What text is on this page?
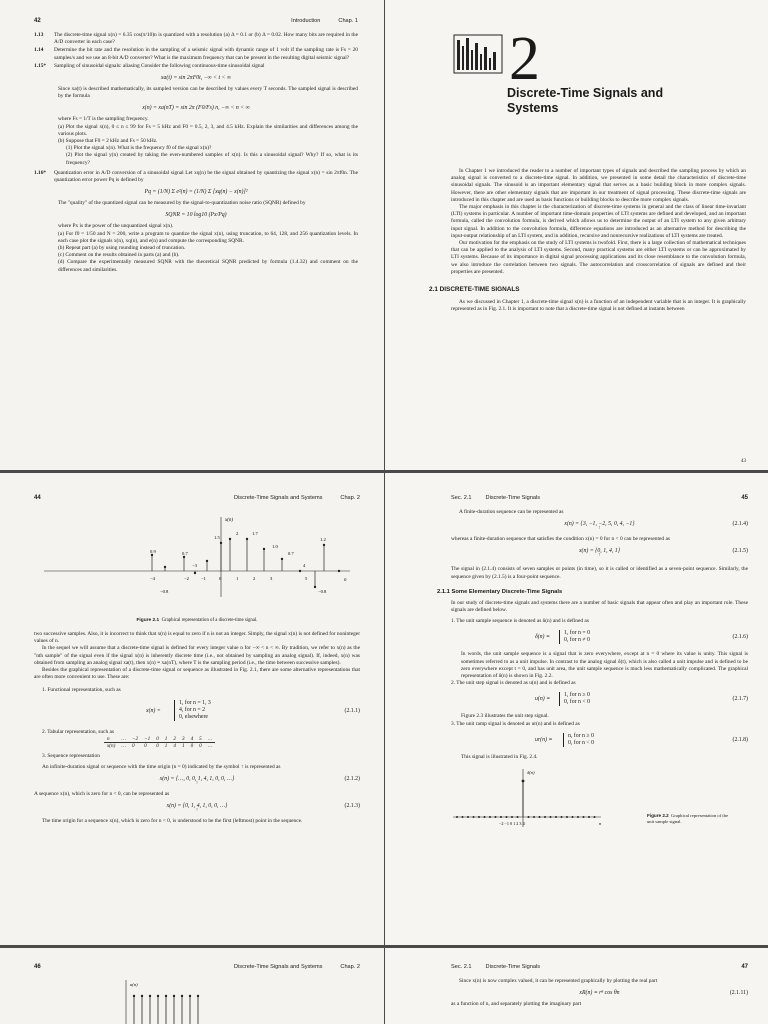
42	Introduction	Chap. 1
1.13	The discrete-time signal x(n) = 6.35 cos(π/10)n is quantized with a resolution (a) Δ = 0.1 or (b) Δ = 0.02. How many bits are required in the A/D converter in each case?
1.14	Determine the bit rate and the resolution in the sampling of a seismic signal with dynamic range of 1 volt if the sampling rate is Fs = 20 samples/s and we use an 8-bit A/D converter? What is the maximum frequency that can be present in the resulting digital seismic signal?
1.15*	Sampling of sinusoidal signals: aliasing Consider the following continuous-time sinusoidal signal
xa(t) = sin 2πF0t, −∞ < t < ∞

Since xa(t) is described mathematically, its sampled version can be described by values every T seconds. The sampled signal is described by the formula

x(n) = xa(nT) = sin 2π (F0/Fs) n, −∞ < n < ∞

where Fs = 1/T is the sampling frequency.

(a) Plot the signal x(n), 0 ≤ n ≤ 99 for Fs = 5 kHz and F0 = 0.5, 2, 3, and 4.5 kHz. Explain the similarities and differences among the various plots.

(b) Suppose that F0 = 2 kHz and Fs = 50 kHz.

(1) Plot the signal x(n). What is the frequency f0 of the signal x(n)?

(2) Plot the signal y(n) created by taking the even-numbered samples of x(n). Is this a sinusoidal signal? Why? If so, what is its frequency?

1.16*	Quantization error in A/D conversion of a sinusoidal signal Let xq(n) be the signal obtained by quantizing the signal x(n) = sin 2πf0n. The quantization error power Pq is defined by
Pq = (1/N) Σ e²(n) = (1/N) Σ [xq(n) − x(n)]²

The "quality" of the quantized signal can be measured by the signal-to-quantization noise ratio (SQNR) defined by

SQNR = 10 log10 (Px/Pq)

where Px is the power of the unquantized signal x(n).

(a) For f0 = 1/50 and N = 200, write a program to quantize the signal x(n), using truncation, to 64, 128, and 256 quantization levels. In each case plot the signals x(n), xq(n), and e(n) and compute the corresponding SQNR.

(b) Repeat part (a) by using rounding instead of truncation.

(c) Comment on the results obtained in parts (a) and (b).

(d) Compare the experimentally measured SQNR with the theoretical SQNR predicted by formula (1.4.32) and comment on the differences and similarities.

2
Discrete-Time Signals and
Systems

In Chapter 1 we introduced the reader to a number of important types of signals and described the sampling process by which an analog signal is converted to a discrete-time signal. In addition, we presented in some detail the characteristics of discrete-time sinusoidal signals. The sinusoid is an important elementary signal that serves as a basic building block in more complex signals. However, there are other elementary signals that are important in our treatment of signal processing. These discrete-time signals are introduced in this chapter and are used as basis functions or building blocks to describe more complex signals.

The major emphasis in this chapter is the characterization of discrete-time systems in general and the class of linear time-invariant (LTI) systems in particular. A number of important time-domain properties of LTI systems are defined and developed, and an important formula, called the convolution formula, is derived which allows us to determine the output of an LTI system to any given arbitrary input signal. In addition to the convolution formula, difference equations are introduced as an alternative method for describing the input-output relationship of an LTI system, and in addition, recursive and nonrecursive realizations of LTI systems are treated.

Our motivation for the emphasis on the study of LTI systems is twofold. First, there is a large collection of mathematical techniques that can be applied to the analysis of LTI systems. Second, many practical systems are either LTI systems or can be approximated by LTI systems. Because of its importance in digital signal processing applications and its close resemblance to the convolution formula, we also introduce the correlation between two signals. The autocorrelation and crosscorrelation of signals are defined and their properties are presented.

2.1 DISCRETE-TIME SIGNALS

As we discussed in Chapter 1, a discrete-time signal x(n) is a function of an independent variable that is an integer. It is graphically represented as in Fig. 2.1. It is important to note that a discrete-time signal is not defined at instants between

43
44	Discrete-Time Signals and Systems	Chap. 2
x(n)
n
0.9	0.7
−3
1.5
2	1.7
1.0
0.7
1.2
4
−0.8	−0.8
−4	−2	−1	0	1	2	3	5
Figure 2.1 Graphical representation of a discrete-time signal.

two successive samples. Also, it is incorrect to think that x(n) is equal to zero if n is not an integer. Simply, the signal x(n) is not defined for noninteger values of n.

In the sequel we will assume that a discrete-time signal is defined for every integer value n for −∞ < n < ∞. By tradition, we refer to x(n) as the "nth sample" of the signal even if the signal x(n) is inherently discrete time (i.e., not obtained by sampling an analog signal). If, indeed, x(n) was obtained from sampling an analog signal xa(t), then x(n) ≡ xa(nT), where T is the sampling period (i.e., the time between successive samples).

Besides the graphical representation of a discrete-time signal or sequence as illustrated in Fig. 2.1, there are some alternative representations that are often more convenient to use. These are:

1. Functional representation, such as

x(n) =
1, for n = 1, 3
4, for n = 2
0, elsewhere
(2.1.1)

2. Tabular representation, such as

n	…	−2	−1	0	1	2	3	4	5	…
x(n)	…	0	0	0	1	4	1	0	0	…

3. Sequence representation

An infinite-duration signal or sequence with the time origin (n = 0) indicated by the symbol ↑ is represented as

x(n) = {…, 0, 0, 1, 4, 1, 0, 0, …}	(2.1.2)
↑

A sequence x(n), which is zero for n < 0, can be represented as

x(n) = {0, 1, 4, 1, 0, 0, …}	(2.1.3)
↑

The time origin for a sequence x(n), which is zero for n < 0, is understood to be the first (leftmost) point in the sequence.

Sec. 2.1	Discrete-Time Signals	45

A finite-duration sequence can be represented as

x(n) = {3, −1, −2, 5, 0, 4, −1}	(2.1.4)
↑

whereas a finite-duration sequence that satisfies the condition x(n) = 0 for n < 0 can be represented as

x(n) = {0, 1, 4, 1}	(2.1.5)
↑

The signal in (2.1.4) consists of seven samples or points (in time), so it is called or identified as a seven-point sequence. Similarly, the sequence given by (2.1.5) is a four-point sequence.

2.1.1 Some Elementary Discrete-Time Signals

In our study of discrete-time signals and systems there are a number of basic signals that appear often and play an important role. These signals are defined below.

1. The unit sample sequence is denoted as δ(n) and is defined as

δ(n) ≡
1, for n = 0
0, for n ≠ 0	(2.1.6)

In words, the unit sample sequence is a signal that is zero everywhere, except at n = 0 where its value is unity. This signal is sometimes referred to as a unit impulse. In contrast to the analog signal δ(t), which is also called a unit impulse and is defined to be zero everywhere except t = 0, and has unit area, the unit sample sequence is much less mathematically complicated. The graphical representation of δ(n) is shown in Fig. 2.2.

2. The unit step signal is denoted as u(n) and is defined as

u(n) ≡
1, for n ≥ 0
0, for n < 0	(2.1.7)

Figure 2.3 illustrates the unit step signal.

3. The unit ramp signal is denoted as ur(n) and is defined as

ur(n) ≡
n, for n ≥ 0
0, for n < 0	(2.1.8)

This signal is illustrated in Fig. 2.4.

δ(n)
−2 −1 0 1 2 3 4	n
Figure 2.2 Graphical representation of the unit sample signal.
46	Discrete-Time Signals and Systems	Chap. 2
u(n)
Sec. 2.1	Discrete-Time Signals	47

Since x(n) is now complex valued, it can be represented graphically by plotting the real part

xR(n) ≡ rⁿ cos θn	(2.1.11)

as a function of n, and separately plotting the imaginary part
